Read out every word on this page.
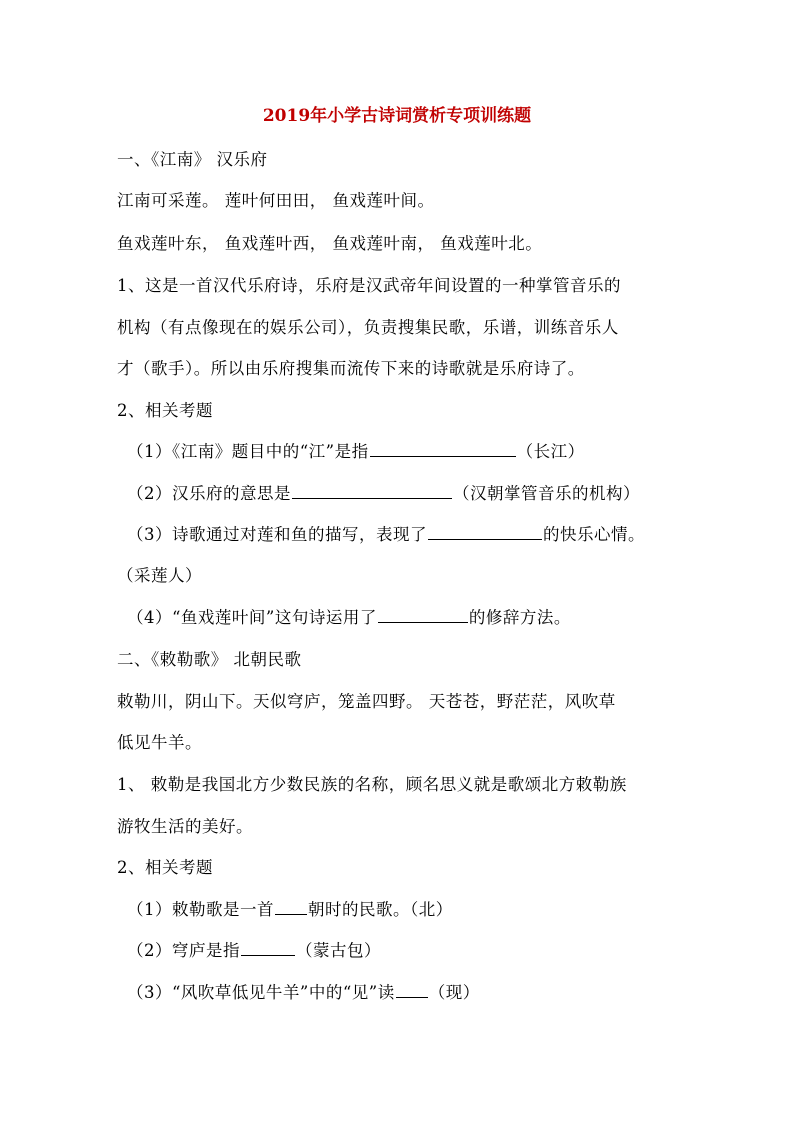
2019年小学古诗词赏析专项训练题
一、《江南》 汉乐府
江南可采莲。 莲叶何田田， 鱼戏莲叶间。
鱼戏莲叶东， 鱼戏莲叶西， 鱼戏莲叶南， 鱼戏莲叶北。
1、这是一首汉代乐府诗，乐府是汉武帝年间设置的一种掌管音乐的
机构（有点像现在的娱乐公司），负责搜集民歌，乐谱，训练音乐人
才（歌手）。所以由乐府搜集而流传下来的诗歌就是乐府诗了。
2、相关考题
（1）《江南》题目中的“江”是指	（长江）
（2）汉乐府的意思是	（汉朝掌管音乐的机构）
（3）诗歌通过对莲和鱼的描写，表现了	的快乐心情。
（采莲人）
（4）“鱼戏莲叶间”这句诗运用了	的修辞方法。
二、《敕勒歌》 北朝民歌
敕勒川，阴山下。天似穹庐，笼盖四野。 天苍苍，野茫茫，风吹草
低见牛羊。
1、 敕勒是我国北方少数民族的名称，顾名思义就是歌颂北方敕勒族
游牧生活的美好。
2、相关考题
（1）敕勒歌是一首 朝时的民歌。（北）
（2）穹庐是指	（蒙古包）
（3）“风吹草低见牛羊”中的“见”读 （现）
